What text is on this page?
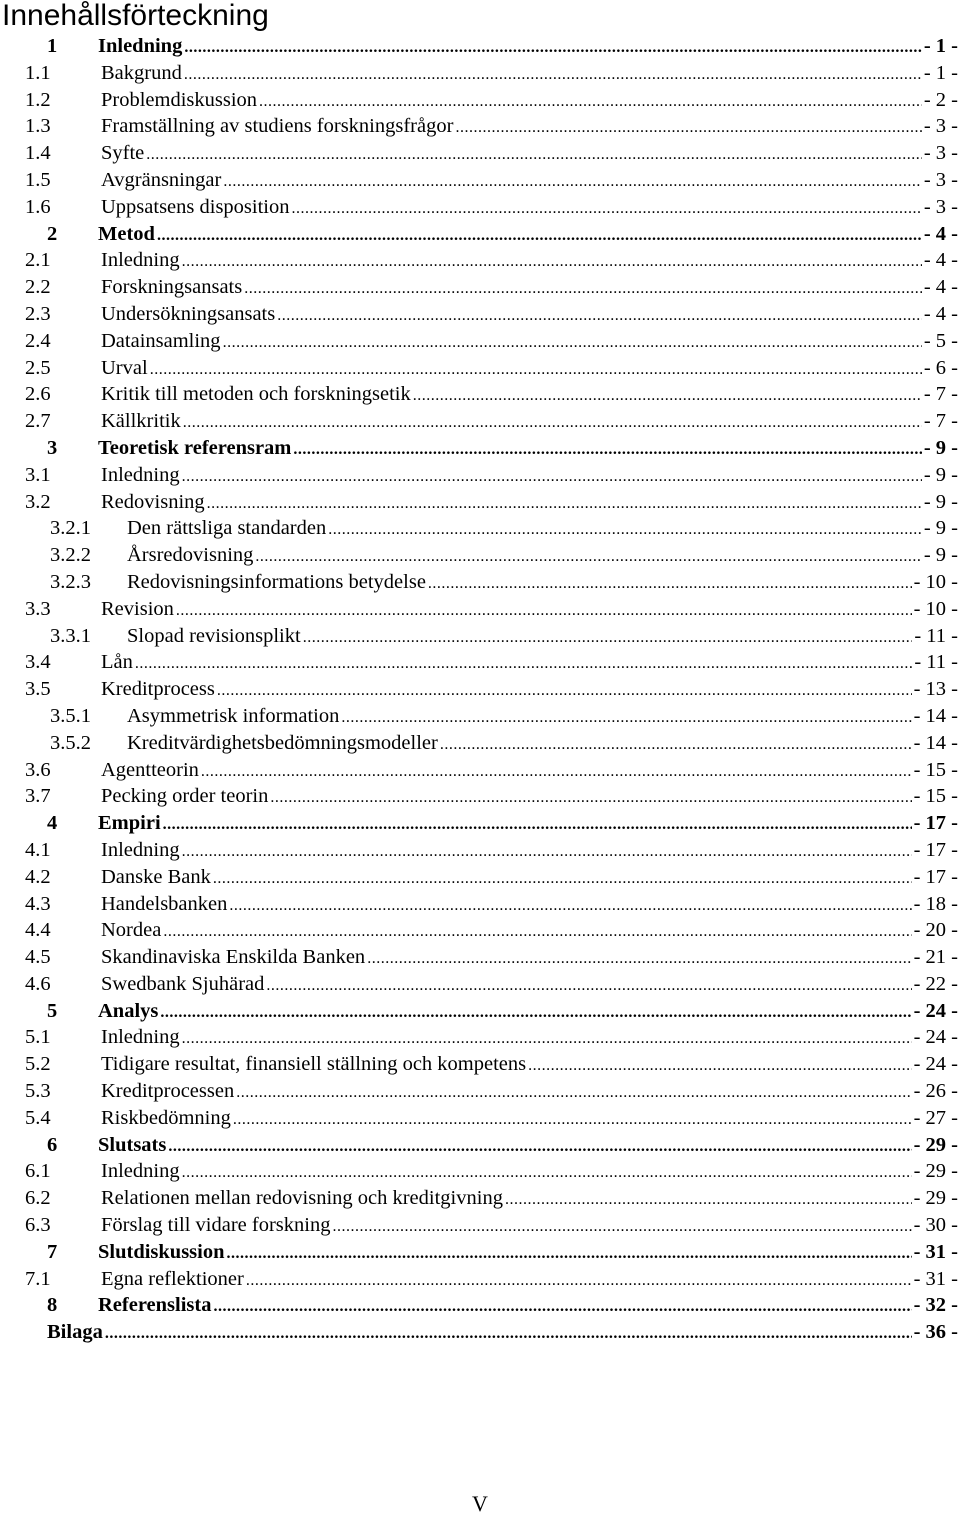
Innehållsförteckning
1 Inledning .....	- 1 -
1.1 Bakgrund .....	- 1 -
1.2 Problemdiskussion .....	- 2 -
1.3 Framställning av studiens forskningsfrågor .....	- 3 -
1.4 Syfte .....	- 3 -
1.5 Avgränsningar .....	- 3 -
1.6 Uppsatsens disposition .....	- 3 -
2 Metod .....	- 4 -
2.1 Inledning .....	- 4 -
2.2 Forskningsansats .....	- 4 -
2.3 Undersökningsansats .....	- 4 -
2.4 Datainsamling .....	- 5 -
2.5 Urval .....	- 6 -
2.6 Kritik till metoden och forskningsetik .....	- 7 -
2.7 Källkritik .....	- 7 -
3 Teoretisk referensram .....	- 9 -
3.1 Inledning .....	- 9 -
3.2 Redovisning .....	- 9 -
3.2.1 Den rättsliga standarden .....	- 9 -
3.2.2 Årsredovisning .....	- 9 -
3.2.3 Redovisningsinformations betydelse .....	- 10 -
3.3 Revision .....	- 10 -
3.3.1 Slopad revisionsplikt .....	- 11 -
3.4 Lån .....	- 11 -
3.5 Kreditprocess .....	- 13 -
3.5.1 Asymmetrisk information .....	- 14 -
3.5.2 Kreditvärdighetsbedömningsmodeller .....	- 14 -
3.6 Agentteorin .....	- 15 -
3.7 Pecking order teorin .....	- 15 -
4 Empiri .....	- 17 -
4.1 Inledning .....	- 17 -
4.2 Danske Bank .....	- 17 -
4.3 Handelsbanken .....	- 18 -
4.4 Nordea .....	- 20 -
4.5 Skandinaviska Enskilda Banken .....	- 21 -
4.6 Swedbank Sjuhärad .....	- 22 -
5 Analys .....	- 24 -
5.1 Inledning .....	- 24 -
5.2 Tidigare resultat, finansiell ställning och kompetens .....	- 24 -
5.3 Kreditprocessen .....	- 26 -
5.4 Riskbedömning .....	- 27 -
6 Slutsats .....	- 29 -
6.1 Inledning .....	- 29 -
6.2 Relationen mellan redovisning och kreditgivning .....	- 29 -
6.3 Förslag till vidare forskning .....	- 30 -
7 Slutdiskussion .....	- 31 -
7.1 Egna reflektioner .....	- 31 -
8 Referenslista .....	- 32 -
Bilaga .....	- 36 -
V
